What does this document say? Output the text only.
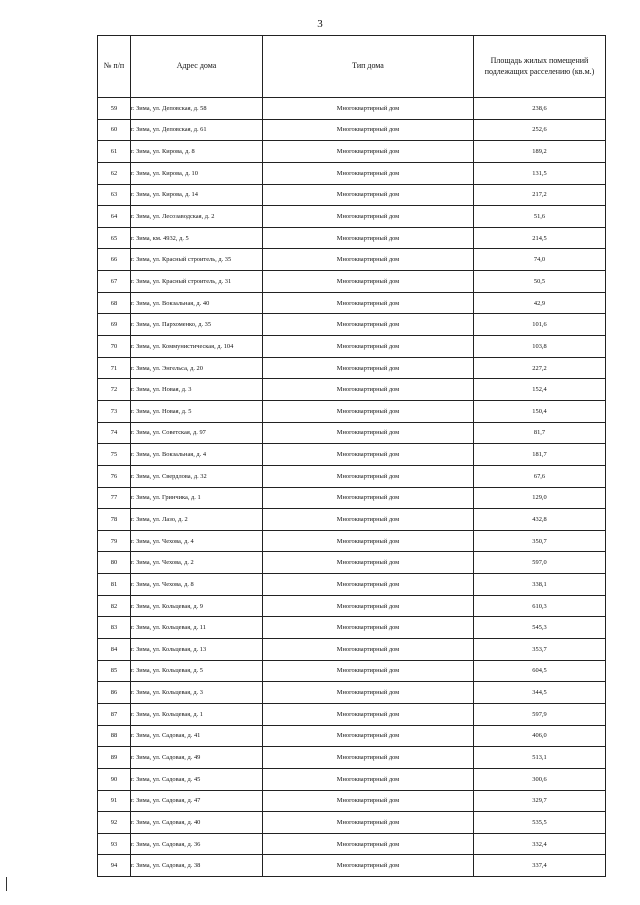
3
№ п/п	Адрес дома	Тип дома	Площадь жилых помещений подлежащих расселению (кв.м.)
59	г. Зима, ул. Деповская, д. 58	Многоквартирный дом	238,6
60	г. Зима, ул. Деповская, д. 61	Многоквартирный дом	252,6
61	г. Зима, ул. Кирова, д. 8	Многоквартирный дом	189,2
62	г. Зима, ул. Кирова, д. 10	Многоквартирный дом	131,5
63	г. Зима, ул. Кирова, д. 14	Многоквартирный дом	217,2
64	г. Зима, ул. Лесозаводская, д. 2	Многоквартирный дом	51,6
65	г. Зима, км. 4932, д. 5	Многоквартирный дом	214,5
66	г. Зима, ул. Красный строитель, д. 35	Многоквартирный дом	74,0
67	г. Зима, ул. Красный строитель, д. 31	Многоквартирный дом	50,5
68	г. Зима, ул. Вокзальная, д. 40	Многоквартирный дом	42,9
69	г. Зима, ул. Пархоменко, д. 35	Многоквартирный дом	101,6
70	г. Зима, ул. Коммунистическая, д. 104	Многоквартирный дом	103,8
71	г. Зима, ул. Энгельса, д. 20	Многоквартирный дом	227,2
72	г. Зима, ул. Новая, д. 3	Многоквартирный дом	152,4
73	г. Зима, ул. Новая, д. 5	Многоквартирный дом	150,4
74	г. Зима, ул. Советская, д. 97	Многоквартирный дом	81,7
75	г. Зима, ул. Вокзальная, д. 4	Многоквартирный дом	181,7
76	г. Зима, ул. Свердлова, д. 32	Многоквартирный дом	67,6
77	г. Зима, ул. Гринчика, д. 1	Многоквартирный дом	129,0
78	г. Зима, ул. Лазо, д. 2	Многоквартирный дом	432,8
79	г. Зима, ул. Чехова, д. 4	Многоквартирный дом	350,7
80	г. Зима, ул. Чехова, д. 2	Многоквартирный дом	597,0
81	г. Зима, ул. Чехова, д. 8	Многоквартирный дом	338,1
82	г. Зима, ул. Кольцевая, д. 9	Многоквартирный дом	610,3
83	г. Зима, ул. Кольцевая, д. 11	Многоквартирный дом	545,3
84	г. Зима, ул. Кольцевая, д. 13	Многоквартирный дом	353,7
85	г. Зима, ул. Кольцевая, д. 5	Многоквартирный дом	604,5
86	г. Зима, ул. Кольцевая, д. 3	Многоквартирный дом	344,5
87	г. Зима, ул. Кольцевая, д. 1	Многоквартирный дом	597,9
88	г. Зима, ул. Садовая, д. 41	Многоквартирный дом	406,0
89	г. Зима, ул. Садовая, д. 49	Многоквартирный дом	513,1
90	г. Зима, ул. Садовая, д. 45	Многоквартирный дом	300,6
91	г. Зима, ул. Садовая, д. 47	Многоквартирный дом	329,7
92	г. Зима, ул. Садовая, д. 40	Многоквартирный дом	535,5
93	г. Зима, ул. Садовая, д. 36	Многоквартирный дом	332,4
94	г. Зима, ул. Садовая, д. 38	Многоквартирный дом	337,4
